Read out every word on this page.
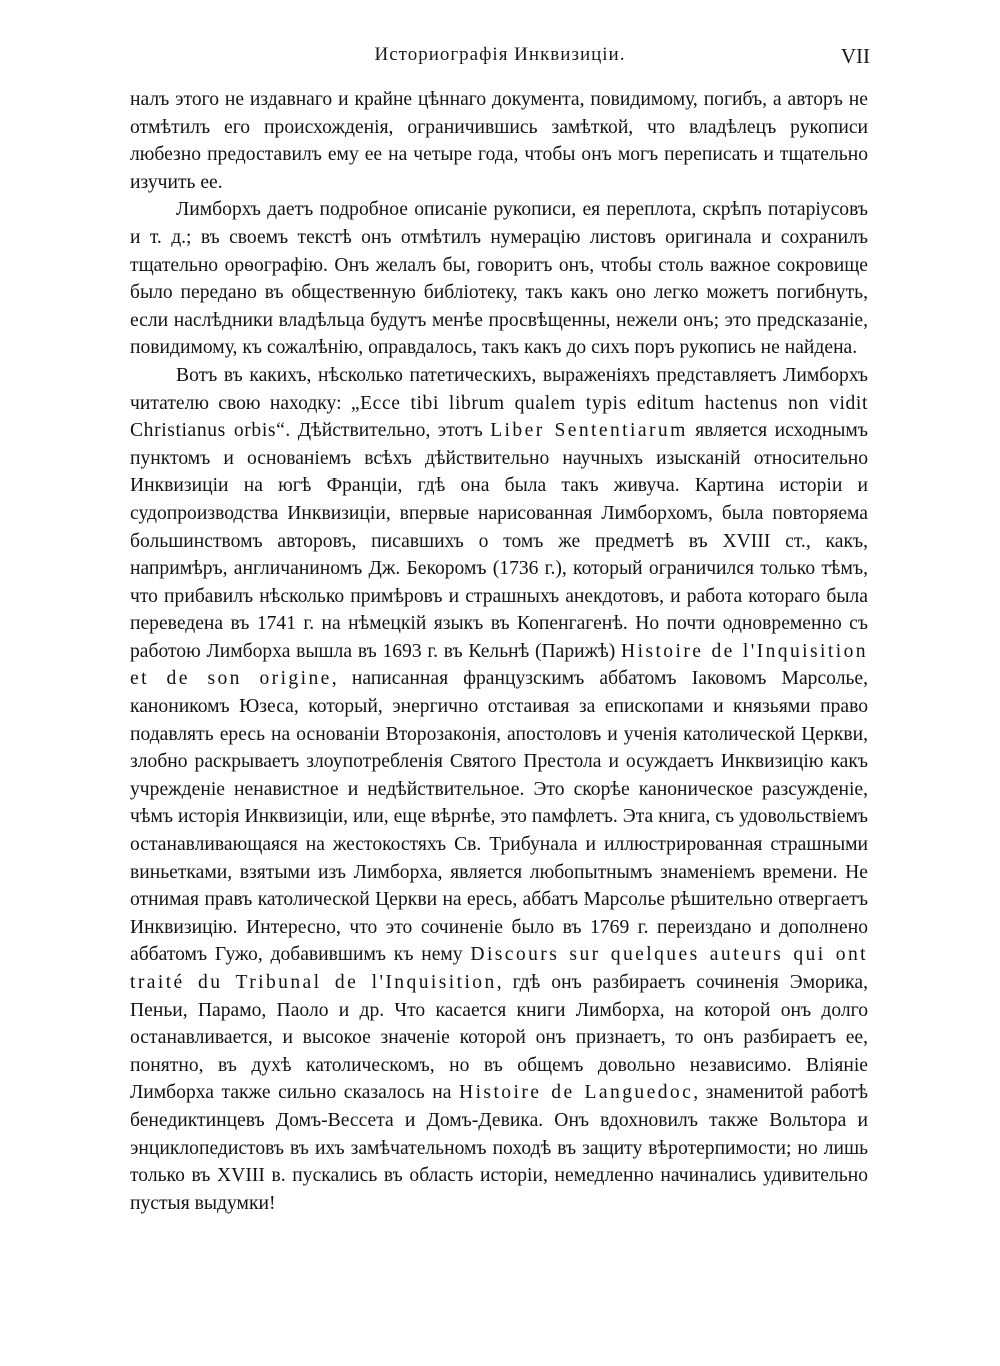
Историографія Инквизиціи.	VII

налъ этого не издавнаго и крайне цѣннаго документа, повидимому, погибъ, а авторъ не отмѣтилъ его происхожденія, ограничившись замѣткой, что владѣлецъ рукописи любезно предоставилъ ему ее на четыре года, чтобы онъ могъ переписать и тщательно изучить ее.

Лимборхъ даетъ подробное описаніе рукописи, ея переплота, скрѣпъ потаріусовъ и т. д.; въ своемъ текстѣ онъ отмѣтилъ нумерацію листовъ оригинала и сохранилъ тщательно орѳографію. Онъ желалъ бы, говоритъ онъ, чтобы столь важное сокровище было передано въ общественную библіотеку, такъ какъ оно легко можетъ погибнуть, если наслѣдники владѣльца будутъ менѣе просвѣщенны, нежели онъ; это предсказаніе, повидимому, къ сожалѣнію, оправдалось, такъ какъ до сихъ поръ рукопись не найдена.

Вотъ въ какихъ, нѣсколько патетическихъ, выраженіяхъ представляетъ Лимборхъ читателю свою находку: „Ecce tibi librum qualem typis editum hactenus non vidit Christianus orbis“. Дѣйствительно, этотъ Liber Sententiarum является исходнымъ пунктомъ и основаніемъ всѣхъ дѣйствительно научныхъ изысканій относительно Инквизиціи на югѣ Франціи, гдѣ она была такъ живуча. Картина исторіи и судопроизводства Инквизиціи, впервые нарисованная Лимборхомъ, была повторяема большинствомъ авторовъ, писавшихъ о томъ же предметѣ въ XVIII ст., какъ, напримѣръ, англичаниномъ Дж. Бекоромъ (1736 г.), который ограничился только тѣмъ, что прибавилъ нѣсколько примѣровъ и страшныхъ анекдотовъ, и работа котораго была переведена въ 1741 г. на нѣмецкій языкъ въ Копенгагенѣ. Но почти одновременно съ работою Лимборха вышла въ 1693 г. въ Кельнѣ (Парижѣ) Histoire de l'Inquisition et de son origine, написанная французскимъ аббатомъ Іаковомъ Марсолье, каноникомъ Юзеса, который, энергично отстаивая за епископами и князьями право подавлять ересь на основаніи Второзаконія, апостоловъ и ученія католической Церкви, злобно раскрываетъ злоупотребленія Святого Престола и осуждаетъ Инквизицію какъ учрежденіе ненавистное и недѣйствительное. Это скорѣе каноническое разсужденіе, чѣмъ исторія Инквизиціи, или, еще вѣрнѣе, это памфлетъ. Эта книга, съ удовольствіемъ останавливающаяся на жестокостяхъ Св. Трибунала и иллюстрированная страшными виньетками, взятыми изъ Лимборха, является любопытнымъ знаменіемъ времени. Не отнимая правъ католической Церкви на ересь, аббатъ Марсолье рѣшительно отвергаетъ Инквизицію. Интересно, что это сочиненіе было въ 1769 г. переиздано и дополнено аббатомъ Гужо, добавившимъ къ нему Discours sur quelques auteurs qui ont traité du Tribunal de l'Inquisition, гдѣ онъ разбираетъ сочиненія Эморика, Пеньи, Парамо, Паоло и др. Что касается книги Лимборха, на которой онъ долго останавливается, и высокое значеніе которой онъ признаетъ, то онъ разбираетъ ее, понятно, въ духѣ католическомъ, но въ общемъ довольно независимо. Вліяніе Лимборха также сильно сказалось на Histoire de Languedoc, знаменитой работѣ бенедиктинцевъ Домъ-Вессета и Домъ-Девика. Онъ вдохновилъ также Вольтора и энциклопедистовъ въ ихъ замѣчательномъ походѣ въ защиту вѣротерпимости; но лишь только въ XVIII в. пускались въ область исторіи, немедленно начинались удивительно пустыя выдумки!
